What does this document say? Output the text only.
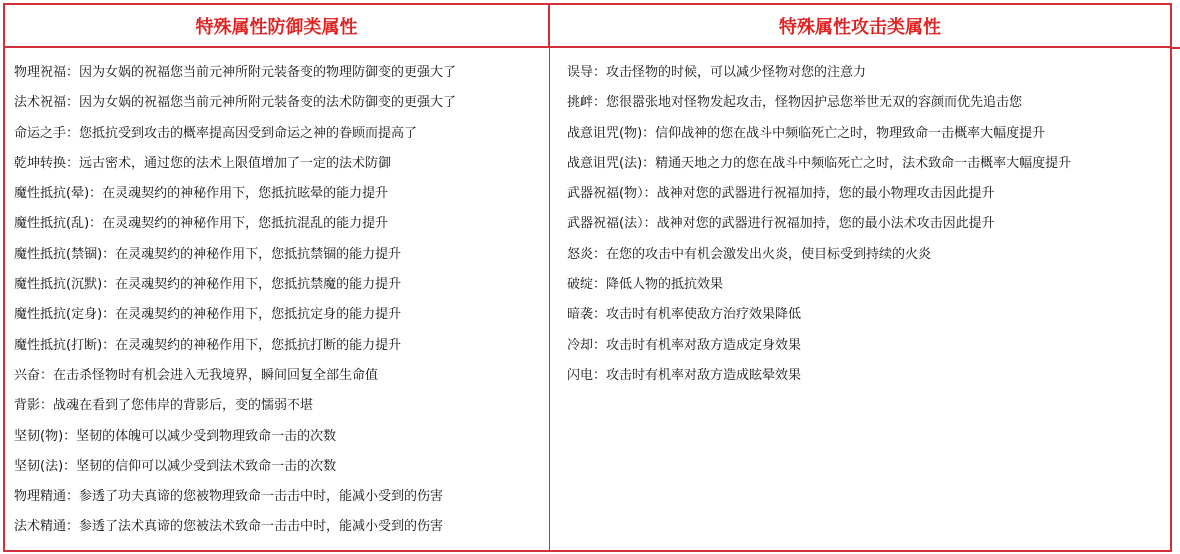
特殊属性防御类属性	特殊属性攻击类属性
物理祝福：因为女娲的祝福您当前元神所附元装备变的物理防御变的更强大了
法术祝福：因为女娲的祝福您当前元神所附元装备变的法术防御变的更强大了
命运之手：您抵抗受到攻击的概率提高因受到命运之神的眷顾而提高了
乾坤转换：远古密术，通过您的法术上限值增加了一定的法术防御
魔性抵抗(晕)：在灵魂契约的神秘作用下，您抵抗眩晕的能力提升
魔性抵抗(乱)：在灵魂契约的神秘作用下，您抵抗混乱的能力提升
魔性抵抗(禁锢)：在灵魂契约的神秘作用下，您抵抗禁锢的能力提升
魔性抵抗(沉默)：在灵魂契约的神秘作用下，您抵抗禁魔的能力提升
魔性抵抗(定身)：在灵魂契约的神秘作用下，您抵抗定身的能力提升
魔性抵抗(打断)：在灵魂契约的神秘作用下，您抵抗打断的能力提升
兴奋：在击杀怪物时有机会进入无我境界，瞬间回复全部生命值
背影：战魂在看到了您伟岸的背影后，变的懦弱不堪
坚韧(物)：坚韧的体魄可以减少受到物理致命一击的次数
坚韧(法)：坚韧的信仰可以减少受到法术致命一击的次数
物理精通：参透了功夫真谛的您被物理致命一击击中时，能减小受到的伤害
法术精通：参透了法术真谛的您被法术致命一击击中时，能减小受到的伤害
误导：攻击怪物的时候，可以减少怪物对您的注意力
挑衅：您很嚣张地对怪物发起攻击，怪物因护忌您举世无双的容颜而优先追击您
战意诅咒(物)：信仰战神的您在战斗中频临死亡之时，物理致命一击概率大幅度提升
战意诅咒(法)：精通天地之力的您在战斗中频临死亡之时，法术致命一击概率大幅度提升
武器祝福(物）：战神对您的武器进行祝福加持，您的最小物理攻击因此提升
武器祝福(法）：战神对您的武器进行祝福加持，您的最小法术攻击因此提升
怒炎：在您的攻击中有机会激发出火炎，使目标受到持续的火炎
破绽：降低人物的抵抗效果
暗袭：攻击时有机率使敌方治疗效果降低
冷却：攻击时有机率对敌方造成定身效果
闪电：攻击时有机率对敌方造成眩晕效果
